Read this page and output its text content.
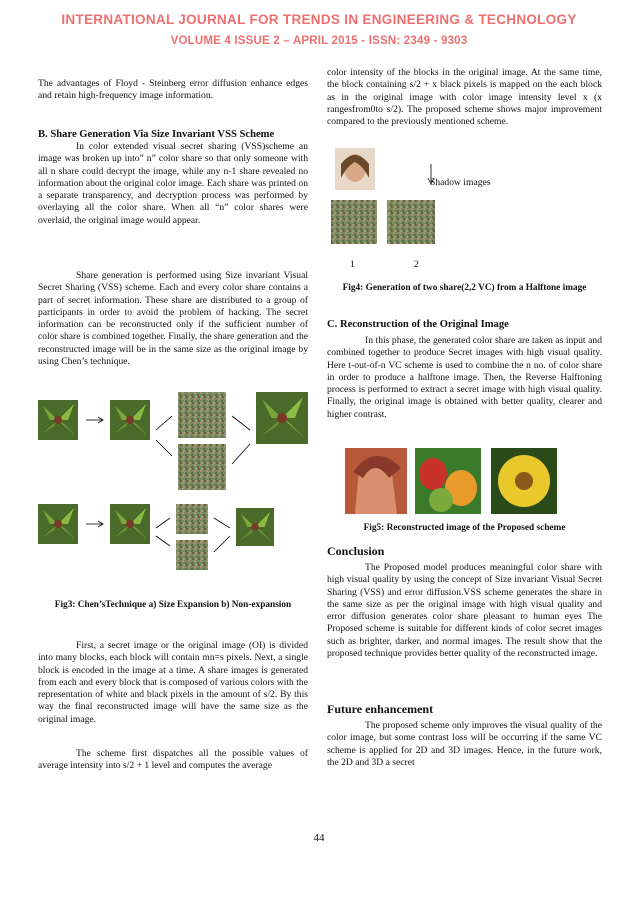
INTERNATIONAL JOURNAL FOR TRENDS IN ENGINEERING & TECHNOLOGY
VOLUME 4 ISSUE 2 – APRIL 2015 - ISSN: 2349 - 9303

The advantages of Floyd - Steinberg error diffusion enhance edges and retain high-frequency image information.

B. Share Generation Via Size Invariant VSS Scheme

In color extended visual secret sharing (VSS)scheme an image was broken up into” n” color share so that only someone with all n share could decrypt the image, while any n-1 share revealed no information about the original color image. Each share was printed on a separate transparency, and decryption process was performed by overlaying all the color share. When all “n” color shares were overlaid, the original image would appear.

Share generation is performed using Size invariant Visual Secret Sharing (VSS) scheme. Each and every color share contains a part of secret information. These share are distributed to a group of participants in order to avoid the problem of hacking. The secret information can be reconstructed only if the sufficient number of color share is combined together. Finally, the share generation and the reconstructed image will be in the same size as the original image by using Chen’s technique.

Fig3: Chen’sTechnique a) Size Expansion b) Non-expansion

First, a secret image or the original image (OI) is divided into many blocks, each block will contain mn=s pixels. Next, a single block is encoded in the image at a time. A share images is generated from each and every block that is composed of various colors with the representation of white and black pixels in the amount of s/2. By this way the final reconstructed image will have the same size as the original image.

The scheme first dispatches all the possible values of average intensity into s/2 + 1 level and computes the average

color intensity of the blocks in the original image. At the same time, the block containing s/2 + x black pixels is mapped on the each block as in the original image with color image intensity level x (x rangesfrom0to s/2). The proposed scheme shows major improvement compared to the previously mentioned scheme.

Shadow images
1	2
Fig4: Generation of two share(2,2 VC) from a Halftone image

C. Reconstruction of the Original Image

In this phase, the generated color share are taken as input and combined together to produce Secret images with high visual quality. Here t-out-of-n VC scheme is used to combine the n no. of color share in order to produce a halftone image. Then, the Reverse Halftoning process is performed to extract a secret image with high visual quality. Finally, the original image is obtained with better quality, clearer and higher contrast.

Fig5: Reconstructed image of the Proposed scheme

Conclusion

The Proposed model produces meaningful color share with high visual quality by using the concept of Size invariant Visual Secret Sharing (VSS) and error diffusion.VSS scheme generates the share in the same size as per the original image with high visual quality and error diffusion generates color share pleasant to human eyes The Proposed scheme is suitable for different kinds of color secret images such as brighter, darker, and normal images. The result show that the proposed technique provides better quality of the reconstructed image.

Future enhancement

The proposed scheme only improves the visual quality of the color image, but some contrast loss will be occurring if the same VC scheme is applied for 2D and 3D images. Hence, in the future work, the 2D and 3D a secret

44
